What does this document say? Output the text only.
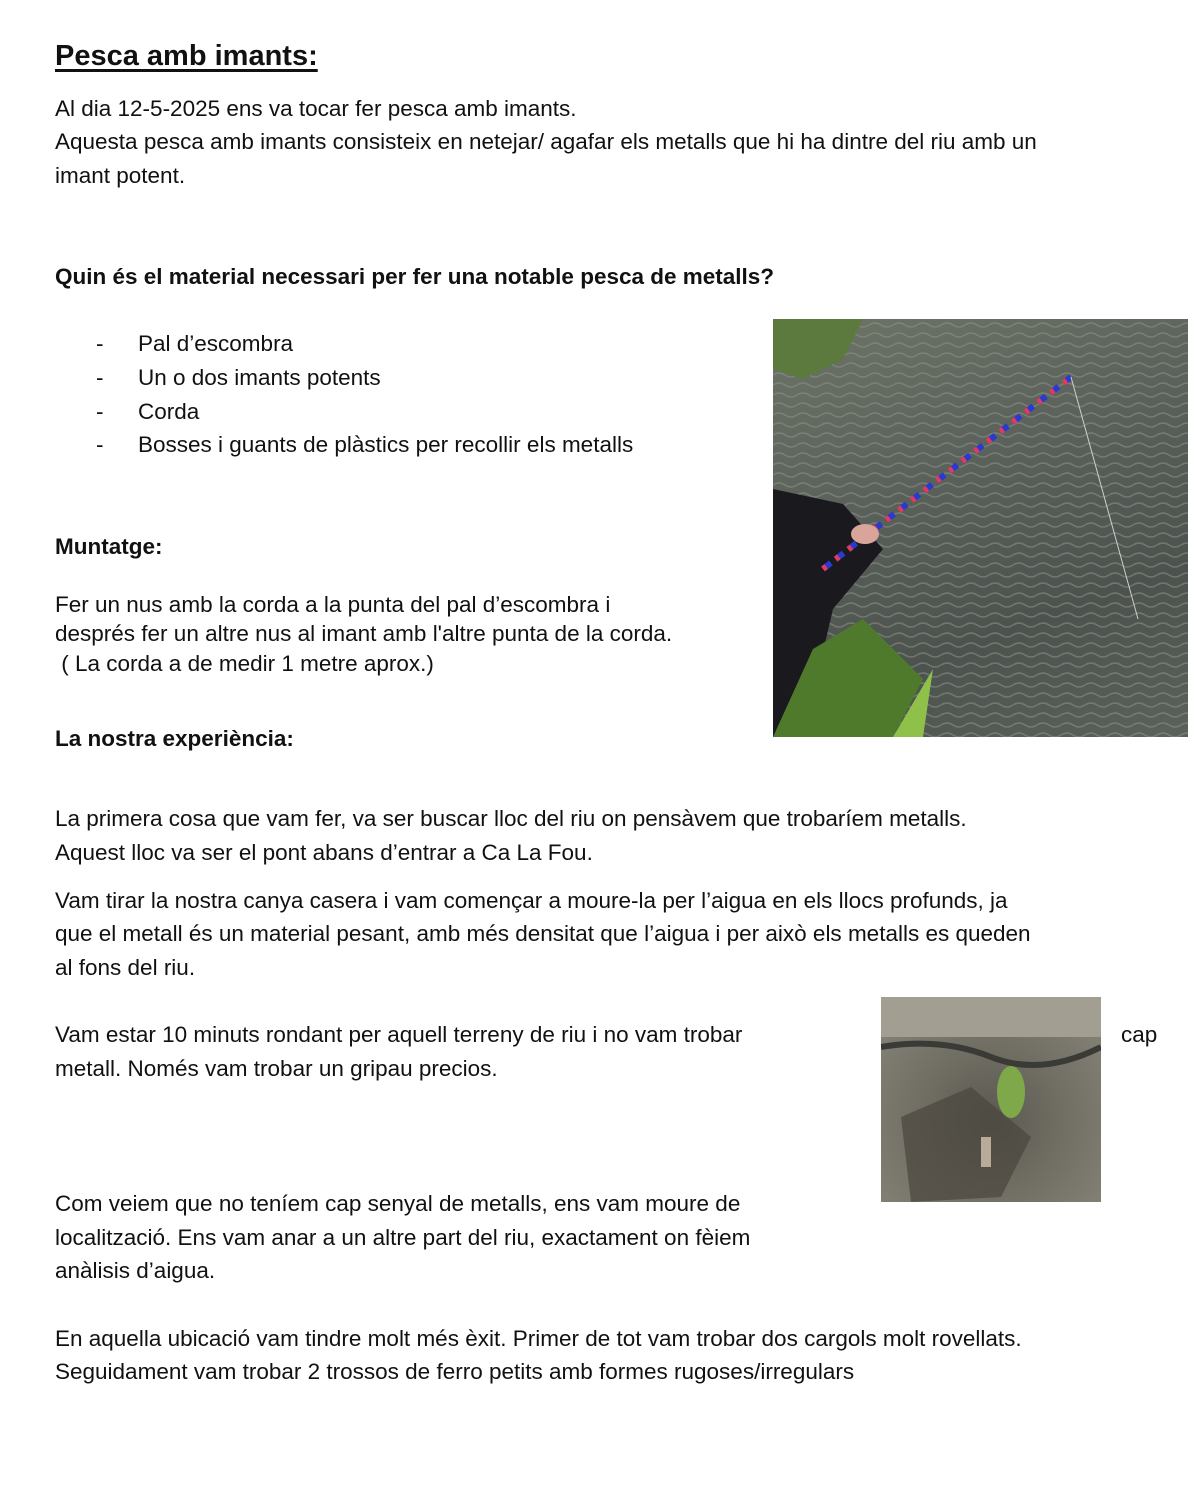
Pesca amb imants:
Al dia 12-5-2025 ens va tocar fer pesca amb imants.
Aquesta pesca amb imants consisteix en netejar/ agafar els metalls que hi ha dintre del riu amb un
imant potent.
Quin és el material necessari per fer una notable pesca de metalls?
- Pal d’escombra
- Un o dos imants potents
- Corda
- Bosses i guants de plàstics per recollir els metalls
Muntatge:
Fer un nus amb la corda a la punta del pal d’escombra i
després fer un altre nus al imant amb l'altre punta de la corda.
( La corda a de medir 1 metre aprox.)
La nostra experiència:
La primera cosa que vam fer, va ser buscar lloc del riu on pensàvem que trobaríem metalls.
Aquest lloc va ser el pont abans d’entrar a Ca La Fou.
Vam tirar la nostra canya casera i vam començar a moure-la per l’aigua en els llocs profunds, ja
que el metall és un material pesant, amb més densitat que l’aigua i per això els metalls es queden
al fons del riu.
Vam estar 10 minuts rondant per aquell terreny de riu i no vam trobar	cap
metall. Només vam trobar un gripau precios.
Com veiem que no teníem cap senyal de metalls, ens vam moure de
localització. Ens vam anar a un altre part del riu, exactament on fèiem
anàlisis d’aigua.
En aquella ubicació vam tindre molt més èxit. Primer de tot vam trobar dos cargols molt rovellats.
Seguidament vam trobar 2 trossos de ferro petits amb formes rugoses/irregulars
